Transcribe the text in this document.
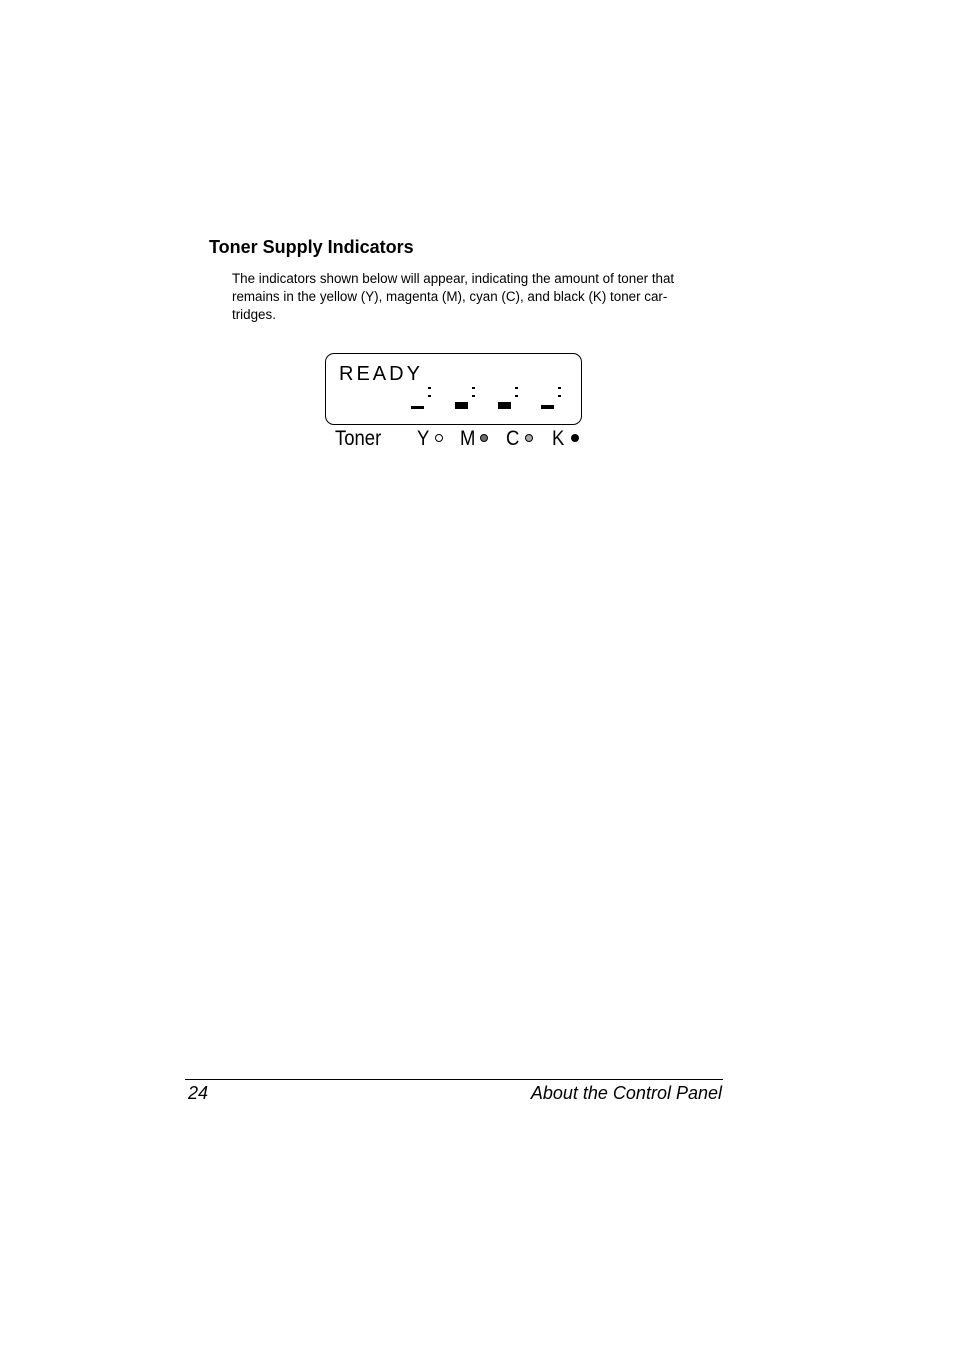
Toner Supply Indicators

The indicators shown below will appear, indicating the amount of toner that
remains in the yellow (Y), magenta (M), cyan (C), and black (K) toner car-
tridges.

READY
Toner Y M C K
24	About the Control Panel
